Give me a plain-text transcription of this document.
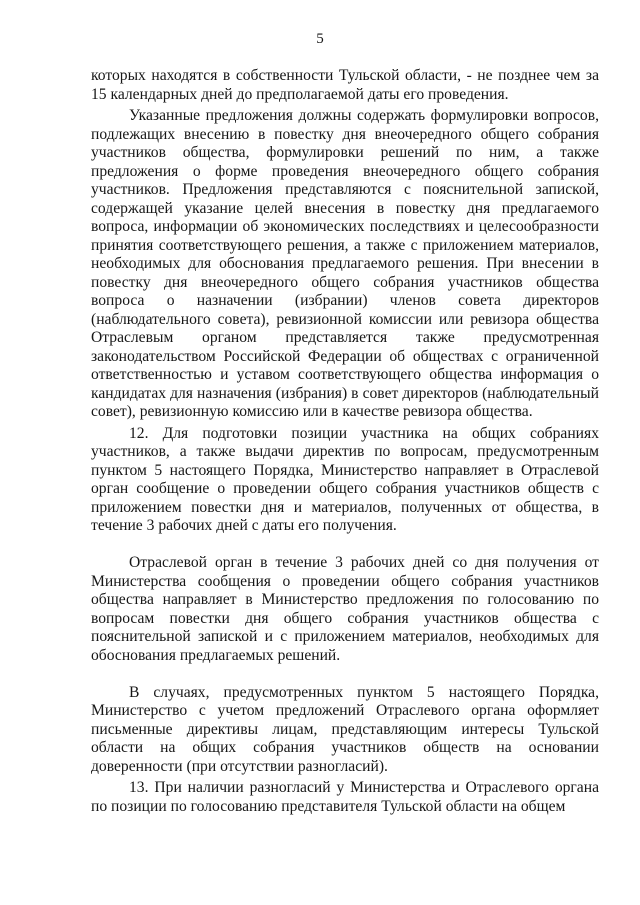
5

которых находятся в собственности Тульской области, - не позднее чем за 15 календарных дней до предполагаемой даты его проведения.

Указанные предложения должны содержать формулировки вопросов, подлежащих внесению в повестку дня внеочередного общего собрания участников общества, формулировки решений по ним, а также предложения о форме проведения внеочередного общего собрания участников. Предложения представляются с пояснительной запиской, содержащей указание целей внесения в повестку дня предлагаемого вопроса, информации об экономических последствиях и целесообразности принятия соответствующего решения, а также с приложением материалов, необходимых для обоснования предлагаемого решения. При внесении в повестку дня внеочередного общего собрания участников общества вопроса о назначении (избрании) членов совета директоров (наблюдательного совета), ревизионной комиссии или ревизора общества Отраслевым органом представляется также предусмотренная законодательством Российской Федерации об обществах с ограниченной ответственностью и уставом соответствующего общества информация о кандидатах для назначения (избрания) в совет директоров (наблюдательный совет), ревизионную комиссию или в качестве ревизора общества.

12. Для подготовки позиции участника на общих собраниях участников, а также выдачи директив по вопросам, предусмотренным пунктом 5 настоящего Порядка, Министерство направляет в Отраслевой орган сообщение о проведении общего собрания участников обществ с приложением повестки дня и материалов, полученных от общества, в течение 3 рабочих дней с даты его получения.

Отраслевой орган в течение 3 рабочих дней со дня получения от Министерства сообщения о проведении общего собрания участников общества направляет в Министерство предложения по голосованию по вопросам повестки дня общего собрания участников общества с пояснительной запиской и с приложением материалов, необходимых для обоснования предлагаемых решений.

В случаях, предусмотренных пунктом 5 настоящего Порядка, Министерство с учетом предложений Отраслевого органа оформляет письменные директивы лицам, представляющим интересы Тульской области на общих собрания участников обществ на основании доверенности (при отсутствии разногласий).

13. При наличии разногласий у Министерства и Отраслевого органа по позиции по голосованию представителя Тульской области на общем
